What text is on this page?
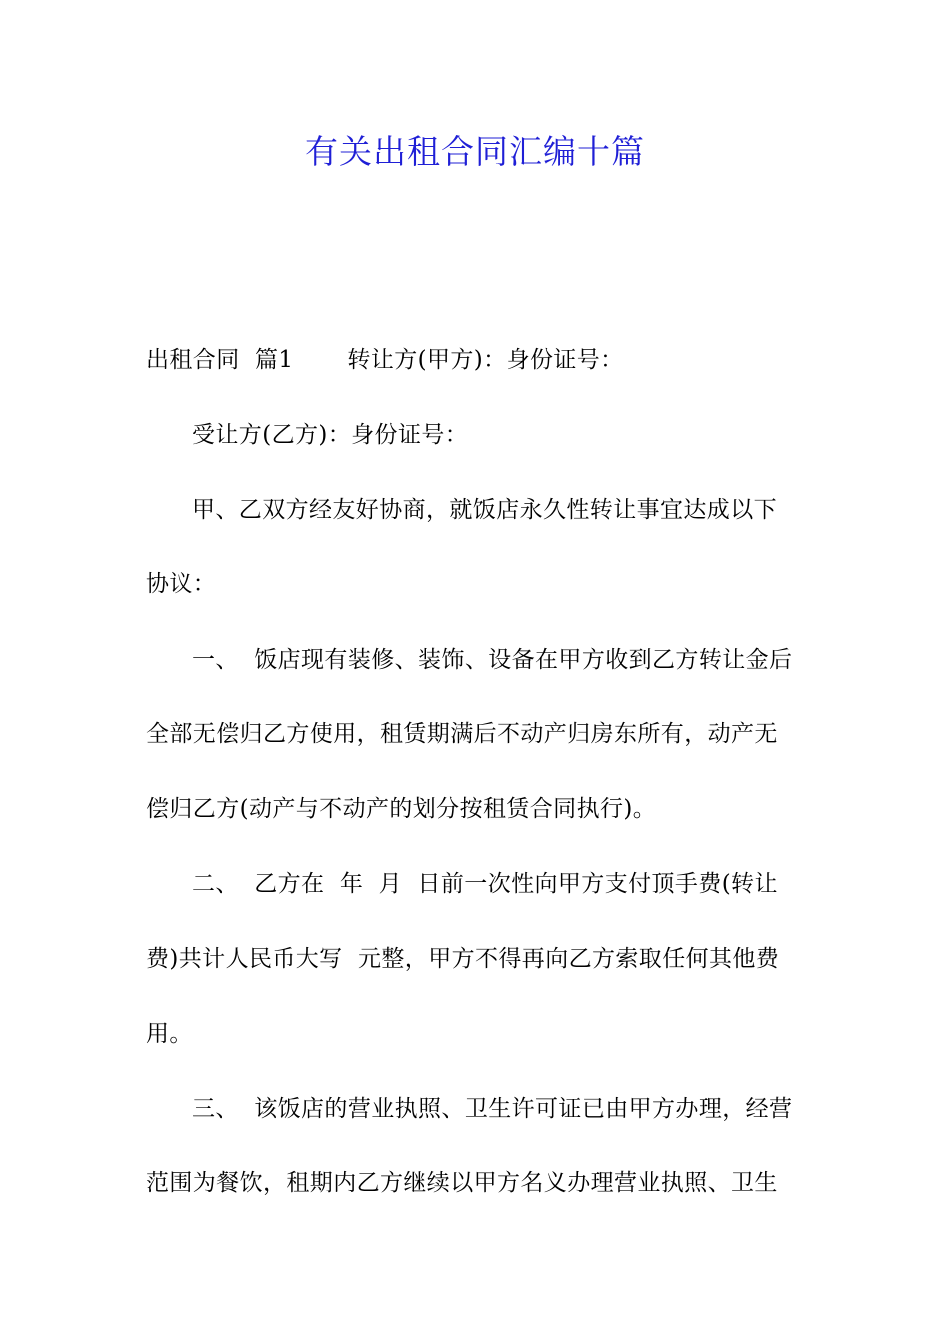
有关出租合同汇编十篇
出租合同  篇1       转让方(甲方)：身份证号：
受让方(乙方)：身份证号：
甲、乙双方经友好协商，就饭店永久性转让事宜达成以下
协议：
一、  饭店现有装修、装饰、设备在甲方收到乙方转让金后
全部无偿归乙方使用，租赁期满后不动产归房东所有，动产无
偿归乙方(动产与不动产的划分按租赁合同执行)。
二、  乙方在  年  月  日前一次性向甲方支付顶手费(转让
费)共计人民币大写  元整，甲方不得再向乙方索取任何其他费
用。
三、  该饭店的营业执照、卫生许可证已由甲方办理，经营
范围为餐饮，租期内乙方继续以甲方名义办理营业执照、卫生
